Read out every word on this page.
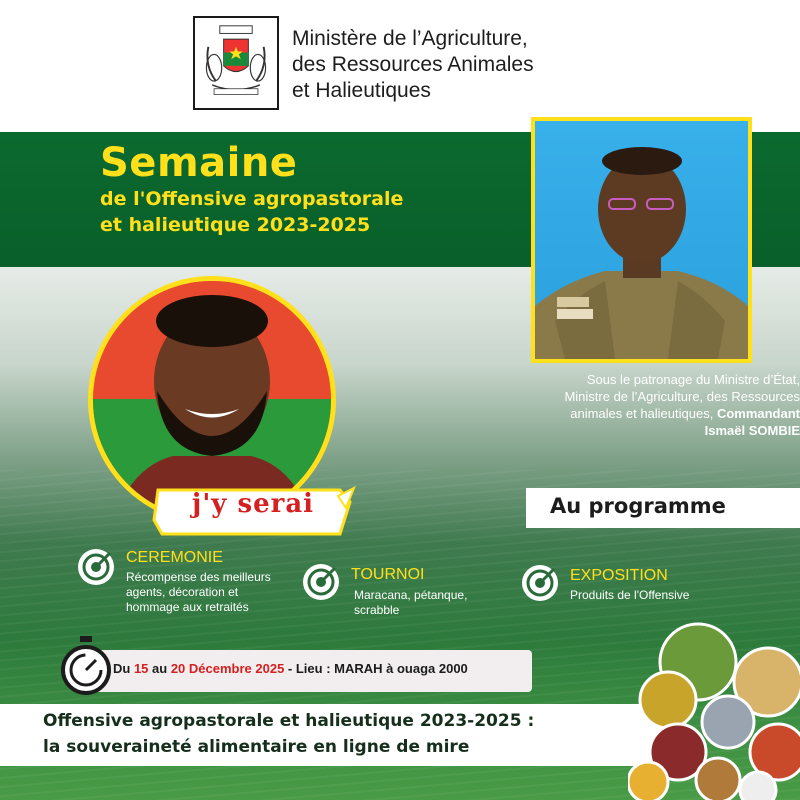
Ministère de l’Agriculture,
des Ressources Animales
et Halieutiques
Semaine
de l'Offensive agropastorale
et halieutique 2023-2025
Sous le patronage du Ministre d’État,
Ministre de l’Agriculture, des Ressources
animales et halieutiques, Commandant
Ismaël SOMBIE
j'y serai	Au programme
CEREMONIE
Récompense des meilleurs
agents, décoration et
hommage aux retraités
TOURNOI
Maracana, pétanque,
scrabble
EXPOSITION
Produits de l'Offensive
Du 15 au 20 Décembre 2025 - Lieu : MARAH à ouaga 2000
Offensive agropastorale et halieutique 2023-2025 :
la souveraineté alimentaire en ligne de mire
